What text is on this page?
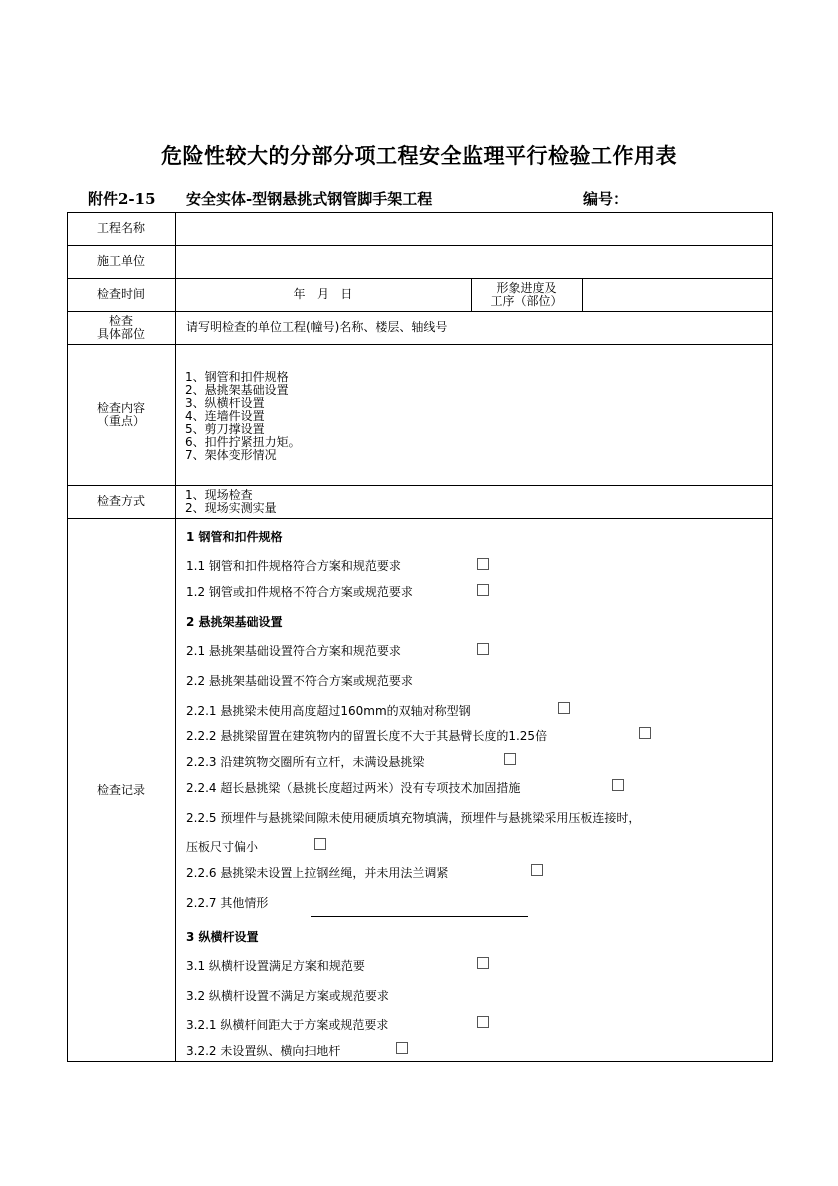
危险性较大的分部分项工程安全监理平行检验工作用表
附件2-15 安全实体-型钢悬挑式钢管脚手架工程	编号：
工程名称
施工单位
检查时间	年   月   日	形象进度及
工序（部位）
检查
具体部位	请写明检查的单位工程(幢号)名称、楼层、轴线号
检查内容
（重点）
1、钢管和扣件规格
2、悬挑架基础设置
3、纵横杆设置
4、连墙件设置
5、剪刀撑设置
6、扣件拧紧扭力矩。
7、架体变形情况
检查方式	1、现场检查
2、现场实测实量
检查记录
1 钢管和扣件规格
1.1 钢管和扣件规格符合方案和规范要求
1.2 钢管或扣件规格不符合方案或规范要求
2 悬挑架基础设置
2.1 悬挑架基础设置符合方案和规范要求
2.2 悬挑架基础设置不符合方案或规范要求
2.2.1 悬挑梁未使用高度超过160mm的双轴对称型钢
2.2.2 悬挑梁留置在建筑物内的留置长度不大于其悬臂长度的1.25倍
2.2.3 沿建筑物交圈所有立杆，未满设悬挑梁
2.2.4 超长悬挑梁（悬挑长度超过两米）没有专项技术加固措施
2.2.5 预埋件与悬挑梁间隙未使用硬质填充物填满，预埋件与悬挑梁采用压板连接时，
压板尺寸偏小
2.2.6 悬挑梁未设置上拉钢丝绳，并未用法兰调紧
2.2.7 其他情形
3 纵横杆设置
3.1 纵横杆设置满足方案和规范要
3.2 纵横杆设置不满足方案或规范要求
3.2.1 纵横杆间距大于方案或规范要求
3.2.2 未设置纵、横向扫地杆
